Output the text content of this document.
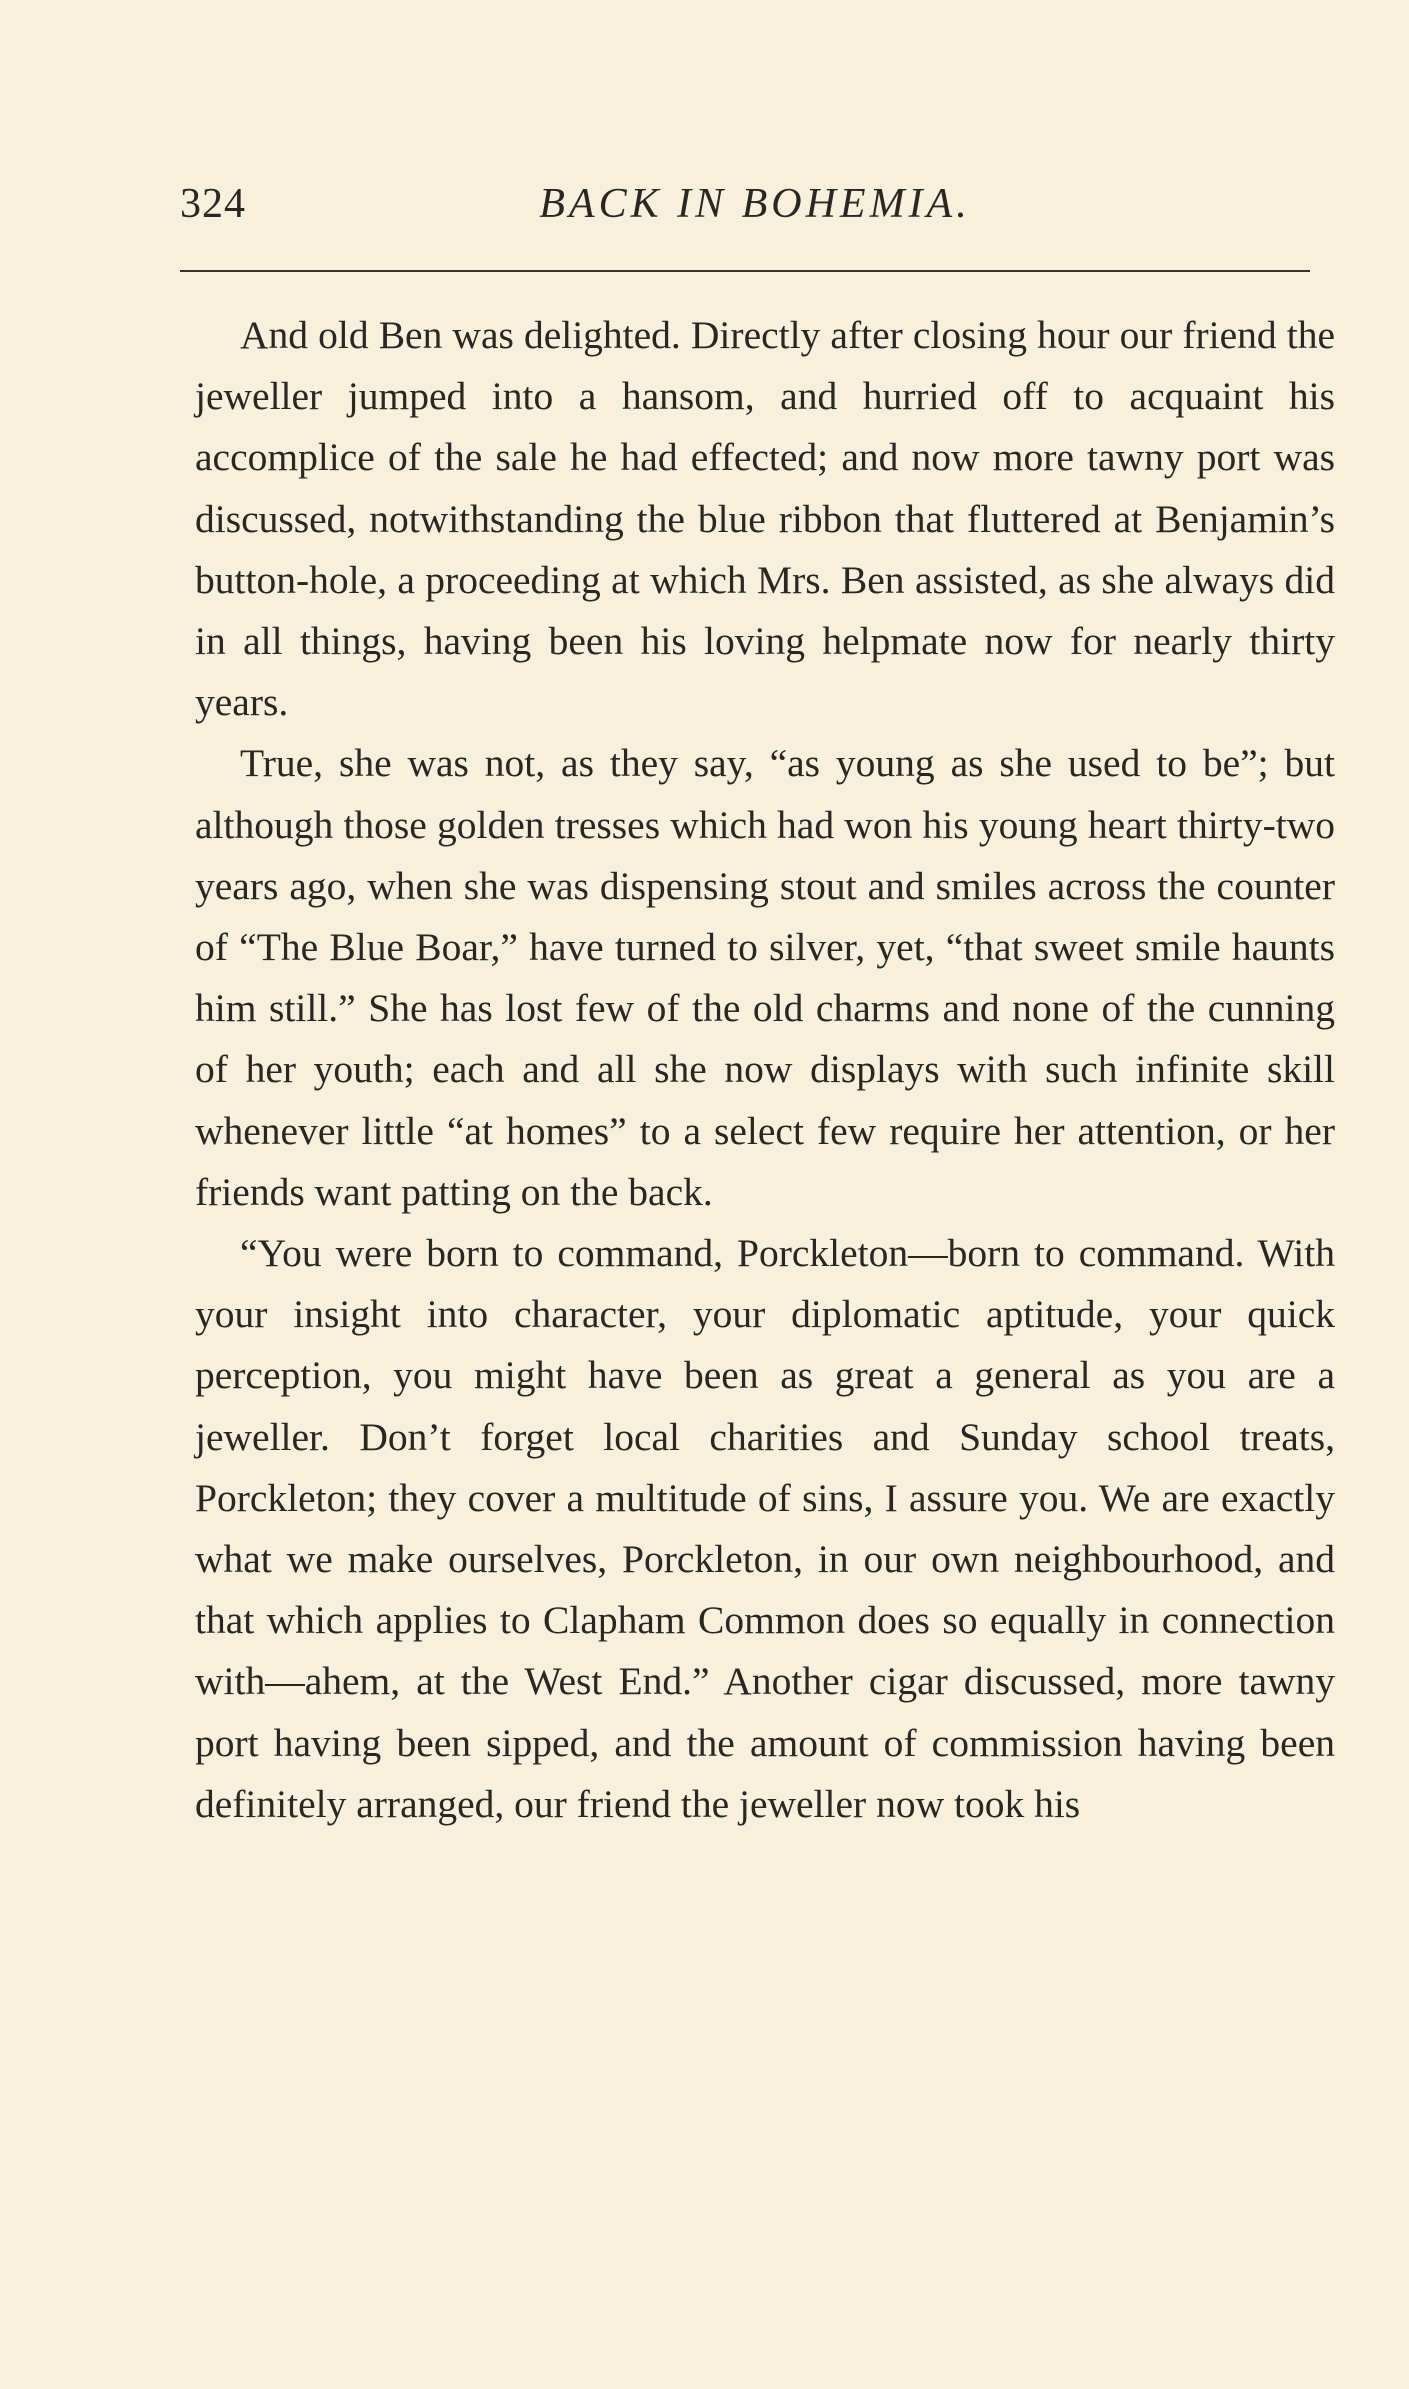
324	BACK IN BOHEMIA.

And old Ben was delighted. Directly after closing hour our friend the jeweller jumped into a hansom, and hurried off to acquaint his accomplice of the sale he had effected; and now more tawny port was discussed, notwithstanding the blue ribbon that fluttered at Benjamin’s button-hole, a proceeding at which Mrs. Ben assisted, as she always did in all things, having been his loving helpmate now for nearly thirty years.

True, she was not, as they say, “as young as she used to be”; but although those golden tresses which had won his young heart thirty-two years ago, when she was dispensing stout and smiles across the counter of “The Blue Boar,” have turned to silver, yet, “that sweet smile haunts him still.” She has lost few of the old charms and none of the cunning of her youth; each and all she now displays with such infinite skill whenever little “at homes” to a select few require her attention, or her friends want patting on the back.

“You were born to command, Porckleton—born to command. With your insight into character, your diplomatic aptitude, your quick perception, you might have been as great a general as you are a jeweller. Don’t forget local charities and Sunday school treats, Porckleton; they cover a multitude of sins, I assure you. We are exactly what we make ourselves, Porckleton, in our own neighbourhood, and that which applies to Clapham Common does so equally in connection with—ahem, at the West End.” Another cigar discussed, more tawny port having been sipped, and the amount of commission having been definitely arranged, our friend the jeweller now took his
